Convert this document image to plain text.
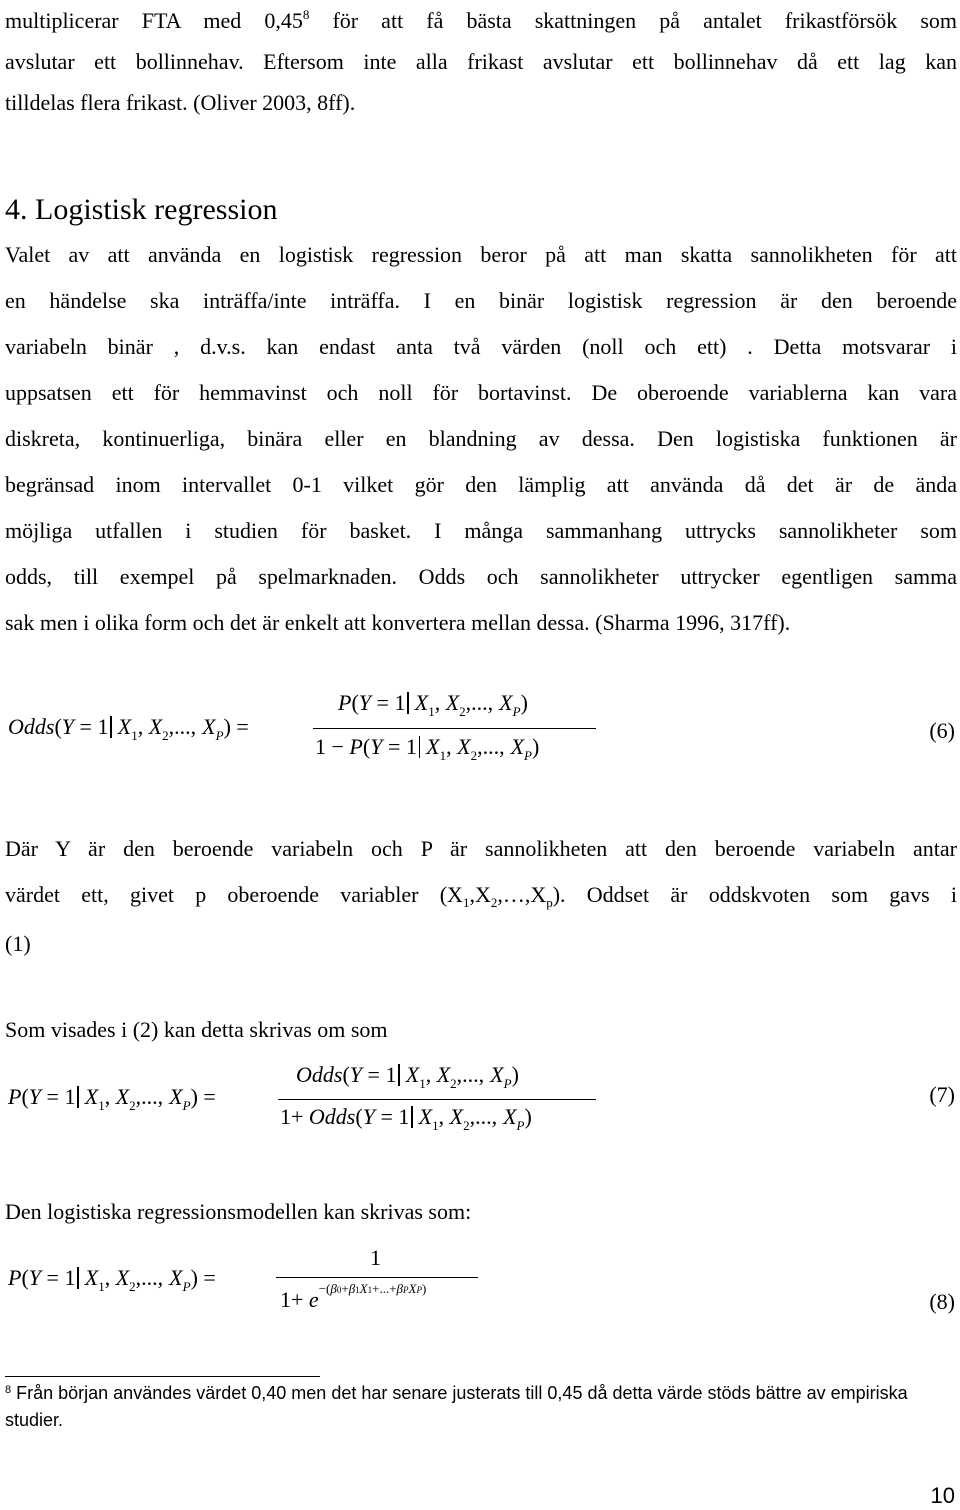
multiplicerar FTA med 0,45$^8$ för att få bästa skattningen på antalet frikastförsök som
avslutar ett bollinnehav. Eftersom inte alla frikast avslutar ett bollinnehav då ett lag kan
tilldelas flera frikast. (Oliver 2003, 8ff).
4. Logistisk regression
Valet av att använda en logistisk regression beror på att man skatta sannolikheten för att
en händelse ska inträffa/inte inträffa. I en binär logistisk regression är den beroende
variabeln binär , d.v.s. kan endast anta två värden (noll och ett) . Detta motsvarar i
uppsatsen ett för hemmavinst och noll för bortavinst. De oberoende variablerna kan vara
diskreta, kontinuerliga, binära eller en blandning av dessa. Den logistiska funktionen är
begränsad inom intervallet 0-1 vilket gör den lämplig att använda då det är de ända
möjliga utfallen i studien för basket. I många sammanhang uttrycks sannolikheter som
odds, till exempel på spelmarknaden. Odds och sannolikheter uttrycker egentligen samma
sak men i olika form och det är enkelt att konvertera mellan dessa. (Sharma 1996, 317ff).
Odds(Y = 1 $X_1$, $X_2$,..., $X_P$) =
P(Y = 1 $X_1$, $X_2$,..., $X_P$)
1 − P(Y = 1 $X_1$, $X_2$,..., $X_P$)
(6)
Där Y är den beroende variabeln och P är sannolikheten att den beroende variabeln antar
värdet ett, givet p oberoende variabler $(X_1,X_2,\dots,X_p)$. Oddset är oddskvoten som gavs i
(1)
Som visades i (2) kan detta skrivas om som
P(Y = 1 $X_1$, $X_2$,..., $X_P$) =
Odds(Y = 1 $X_1$, $X_2$,..., $X_P$)
1+ Odds(Y = 1 $X_1$, $X_2$,..., $X_P$)
(7)
Den logistiska regressionsmodellen kan skrivas som:
P(Y = 1 $X_1$, $X_2$,..., $X_P$) =
1
$1+ e^{-(\beta 0+\beta 1X1+...+\beta PXP)}$
(8)
$^8$ Från början användes värdet 0,40 men det har senare justerats till 0,45 då detta värde stöds bättre av empiriska studier.
10
